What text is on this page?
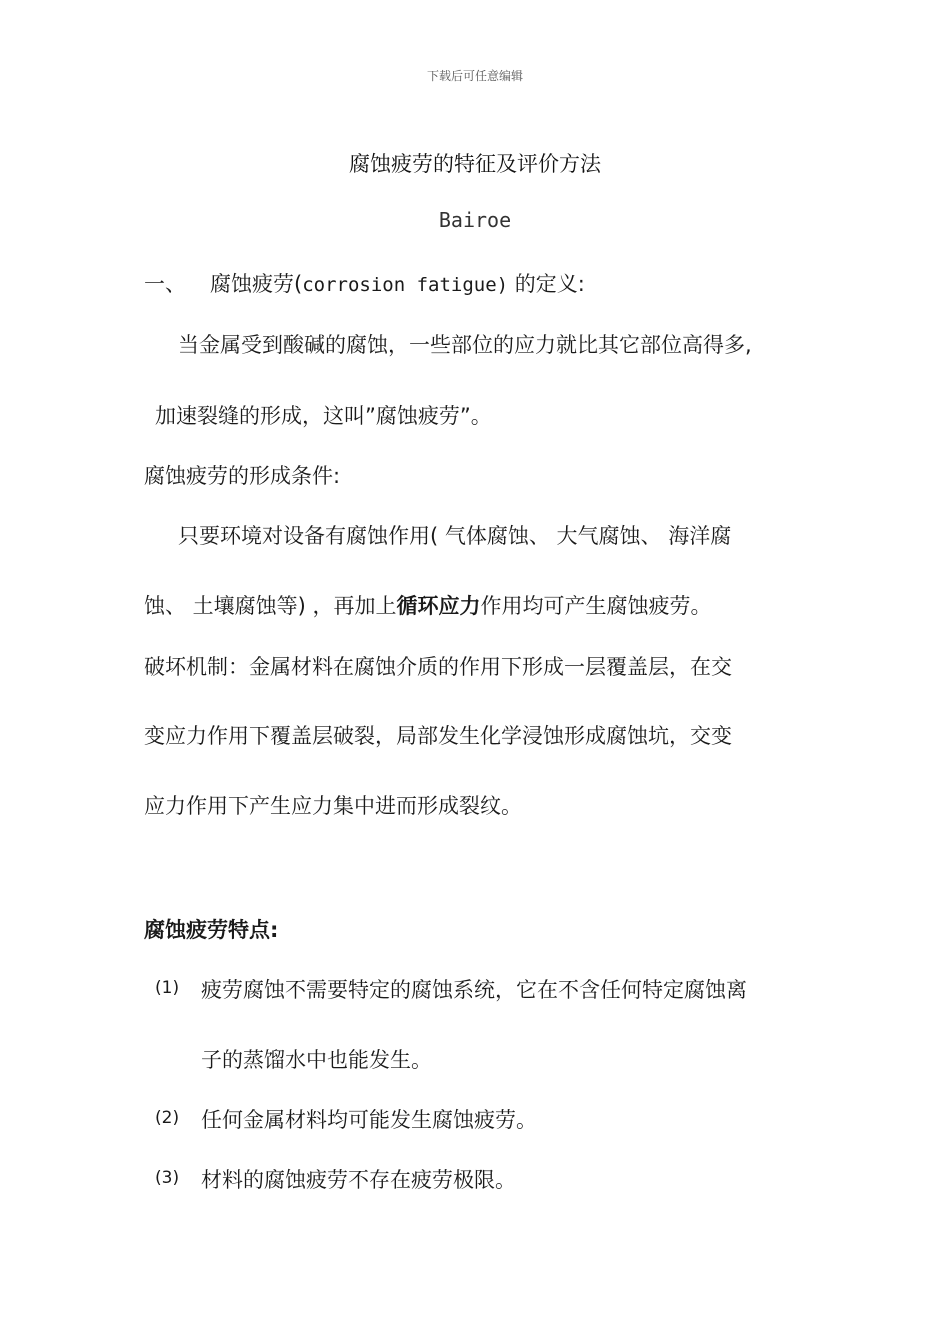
下载后可任意编辑
腐蚀疲劳的特征及评价方法
Bairoe
一、 腐蚀疲劳(corrosion fatigue) 的定义:
当金属受到酸碱的腐蚀，一些部位的应力就比其它部位高得多,
加速裂缝的形成，这叫”腐蚀疲劳”。
腐蚀疲劳的形成条件:
只要环境对设备有腐蚀作用( 气体腐蚀、 大气腐蚀、 海洋腐
蚀、 土壤腐蚀等) ，再加上循环应力作用均可产生腐蚀疲劳。
破坏机制：金属材料在腐蚀介质的作用下形成一层覆盖层，在交
变应力作用下覆盖层破裂，局部发生化学浸蚀形成腐蚀坑，交变
应力作用下产生应力集中进而形成裂纹。
腐蚀疲劳特点:
(1) 疲劳腐蚀不需要特定的腐蚀系统，它在不含任何特定腐蚀离
子的蒸馏水中也能发生。
(2) 任何金属材料均可能发生腐蚀疲劳。
(3) 材料的腐蚀疲劳不存在疲劳极限。
